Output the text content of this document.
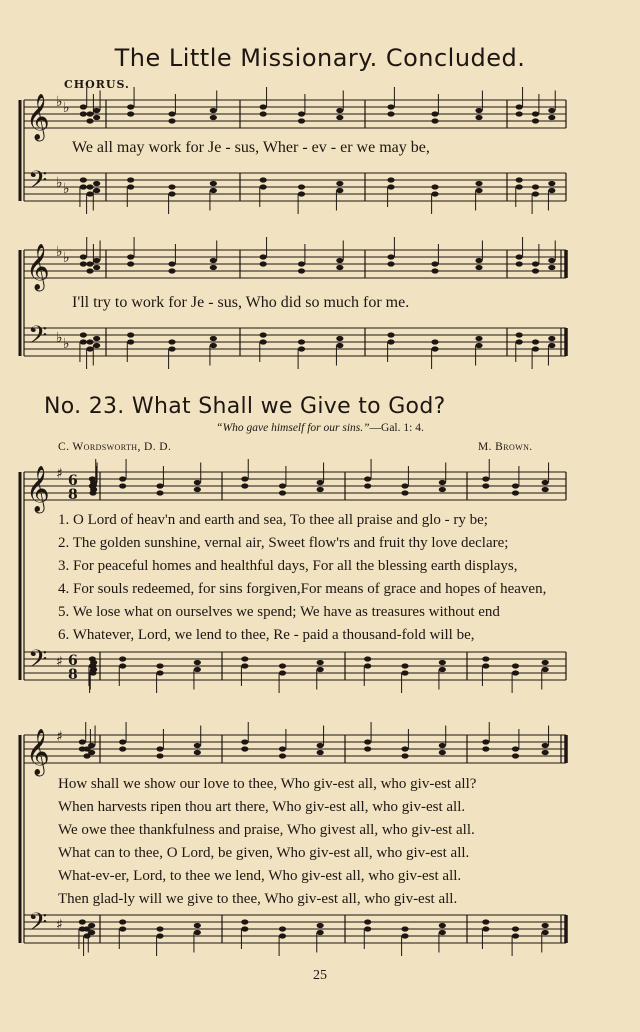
𝄞
𝄢
♭ ♭
♭ ♭
𝄞
𝄢
♭ ♭
♭ ♭
𝄞
𝄢
♯
♯
6
8
6
8
𝄞
𝄢
♯
♯
The Little Missionary. Concluded.
CHORUS.
We all may work for Je - sus, Wher - ev - er we may be,
I'll try to work for Je - sus, Who did so much for me.
No. 23. What Shall we Give to God?
“Who gave himself for our sins.”—Gal. 1: 4.
C. Wordsworth, D. D.	M. Brown.
1. O Lord of heav'n and earth and sea, To thee all praise and glo - ry be;
2. The golden sunshine, vernal air, Sweet flow'rs and fruit thy love declare;
3. For peaceful homes and healthful days, For all the blessing earth displays,
4. For souls redeemed, for sins forgiven,For means of grace and hopes of heaven,
5. We lose what on ourselves we spend; We have as treasures without end
6. Whatever, Lord, we lend to thee, Re - paid a thousand-fold will be,
How shall we show our love to thee, Who giv-est all, who giv-est all?
When harvests ripen thou art there, Who giv-est all, who giv-est all.
We owe thee thankfulness and praise, Who givest all, who giv-est all.
What can to thee, O Lord, be given, Who giv-est all, who giv-est all.
What-ev-er, Lord, to thee we lend, Who giv-est all, who giv-est all.
Then glad-ly will we give to thee, Who giv-est all, who giv-est all.
25
